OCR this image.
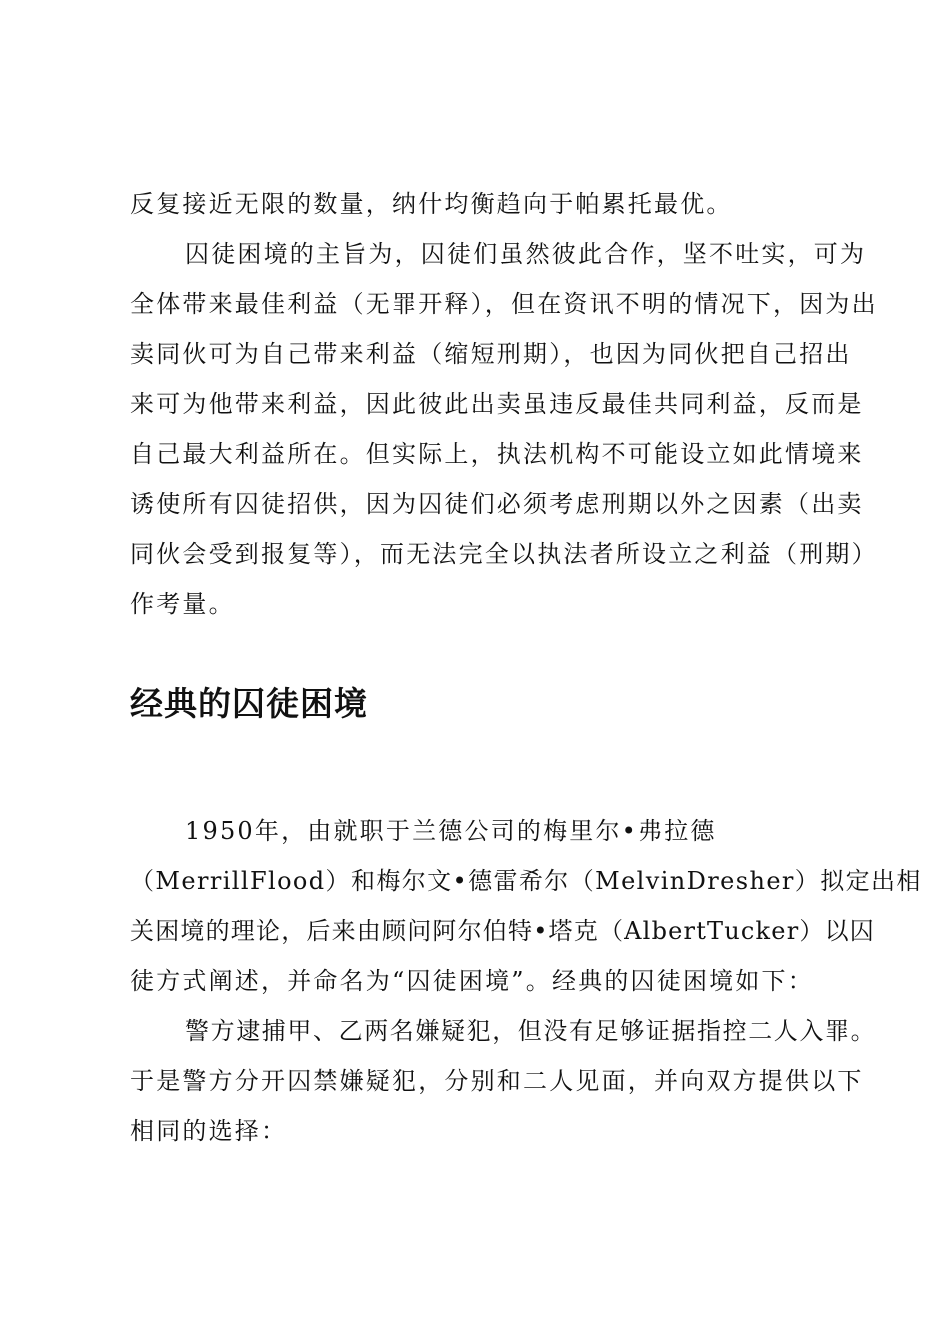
反复接近无限的数量，纳什均衡趋向于帕累托最优。
囚徒困境的主旨为，囚徒们虽然彼此合作，坚不吐实，可为
全体带来最佳利益（无罪开释），但在资讯不明的情况下，因为出
卖同伙可为自己带来利益（缩短刑期），也因为同伙把自己招出
来可为他带来利益，因此彼此出卖虽违反最佳共同利益，反而是
自己最大利益所在。但实际上，执法机构不可能设立如此情境来
诱使所有囚徒招供，因为囚徒们必须考虑刑期以外之因素（出卖
同伙会受到报复等），而无法完全以执法者所设立之利益（刑期）
作考量。
经典的囚徒困境
1950年，由就职于兰德公司的梅里尔•弗拉德
（MerrillFlood）和梅尔文•德雷希尔（MelvinDresher）拟定出相
关困境的理论，后来由顾问阿尔伯特•塔克（AlbertTucker）以囚
徒方式阐述，并命名为“囚徒困境”。经典的囚徒困境如下：
警方逮捕甲、乙两名嫌疑犯，但没有足够证据指控二人入罪。
于是警方分开囚禁嫌疑犯，分别和二人见面，并向双方提供以下
相同的选择：
